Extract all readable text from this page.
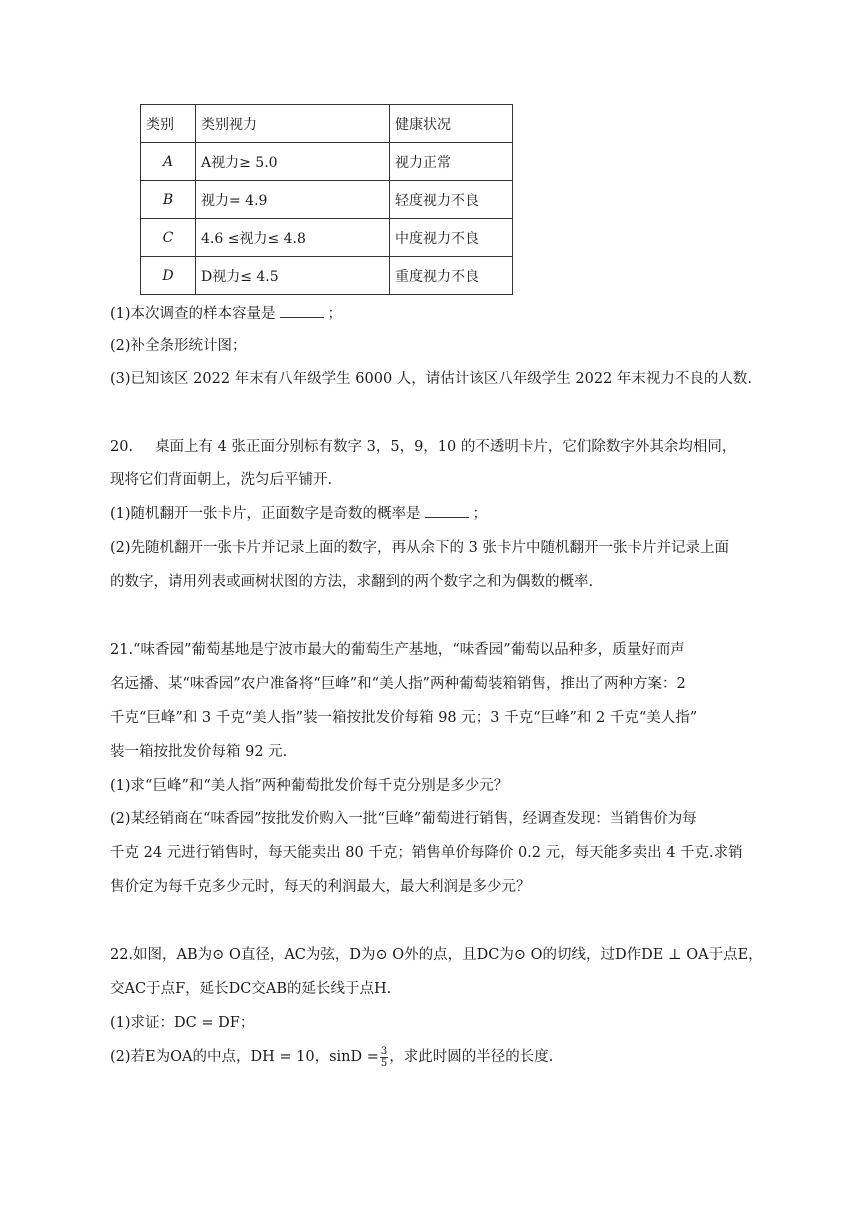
类别	类别视力	健康状况
A	A视力≥ 5.0	视力正常
B	视力= 4.9	轻度视力不良
C	4.6 ≤视力≤ 4.8	中度视力不良
D	D视力≤ 4.5	重度视力不良
(1)本次调查的样本容量是	；
(2)补全条形统计图；
(3)已知该区 2022 年末有八年级学生 6000 人，请估计该区八年级学生 2022 年末视力不良的人数.
20. 桌面上有 4 张正面分别标有数字 3，5，9，10 的不透明卡片，它们除数字外其余均相同，
现将它们背面朝上，洗匀后平铺开.
(1)随机翻开一张卡片，正面数字是奇数的概率是	；
(2)先随机翻开一张卡片并记录上面的数字，再从余下的 3 张卡片中随机翻开一张卡片并记录上面
的数字，请用列表或画树状图的方法，求翻到的两个数字之和为偶数的概率.
21.“味香园”葡萄基地是宁波市最大的葡萄生产基地，“味香园”葡萄以品种多，质量好而声
名远播、某“味香园”农户准备将“巨峰”和“美人指”两种葡萄装箱销售，推出了两种方案：2
千克“巨峰”和 3 千克“美人指”装一箱按批发价每箱 98 元；3 千克“巨峰”和 2 千克“美人指”
装一箱按批发价每箱 92 元.
(1)求“巨峰”和“美人指”两种葡萄批发价每千克分别是多少元？
(2)某经销商在“味香园”按批发价购入一批“巨峰”葡萄进行销售，经调查发现：当销售价为每
千克 24 元进行销售时，每天能卖出 80 千克；销售单价每降价 0.2 元，每天能多卖出 4 千克.求销
售价定为每千克多少元时，每天的利润最大，最大利润是多少元？
22.如图，AB为⊙ O直径，AC为弦，D为⊙ O外的点，且DC为⊙ O的切线，过D作DE ⊥ OA于点E，
交AC于点F，延长DC交AB的延长线于点H.
(1)求证：DC = DF；
(2)若E为OA的中点，DH = 10，$\sin D = \frac{3}{5}$ ，求此时圆的半径的长度.
